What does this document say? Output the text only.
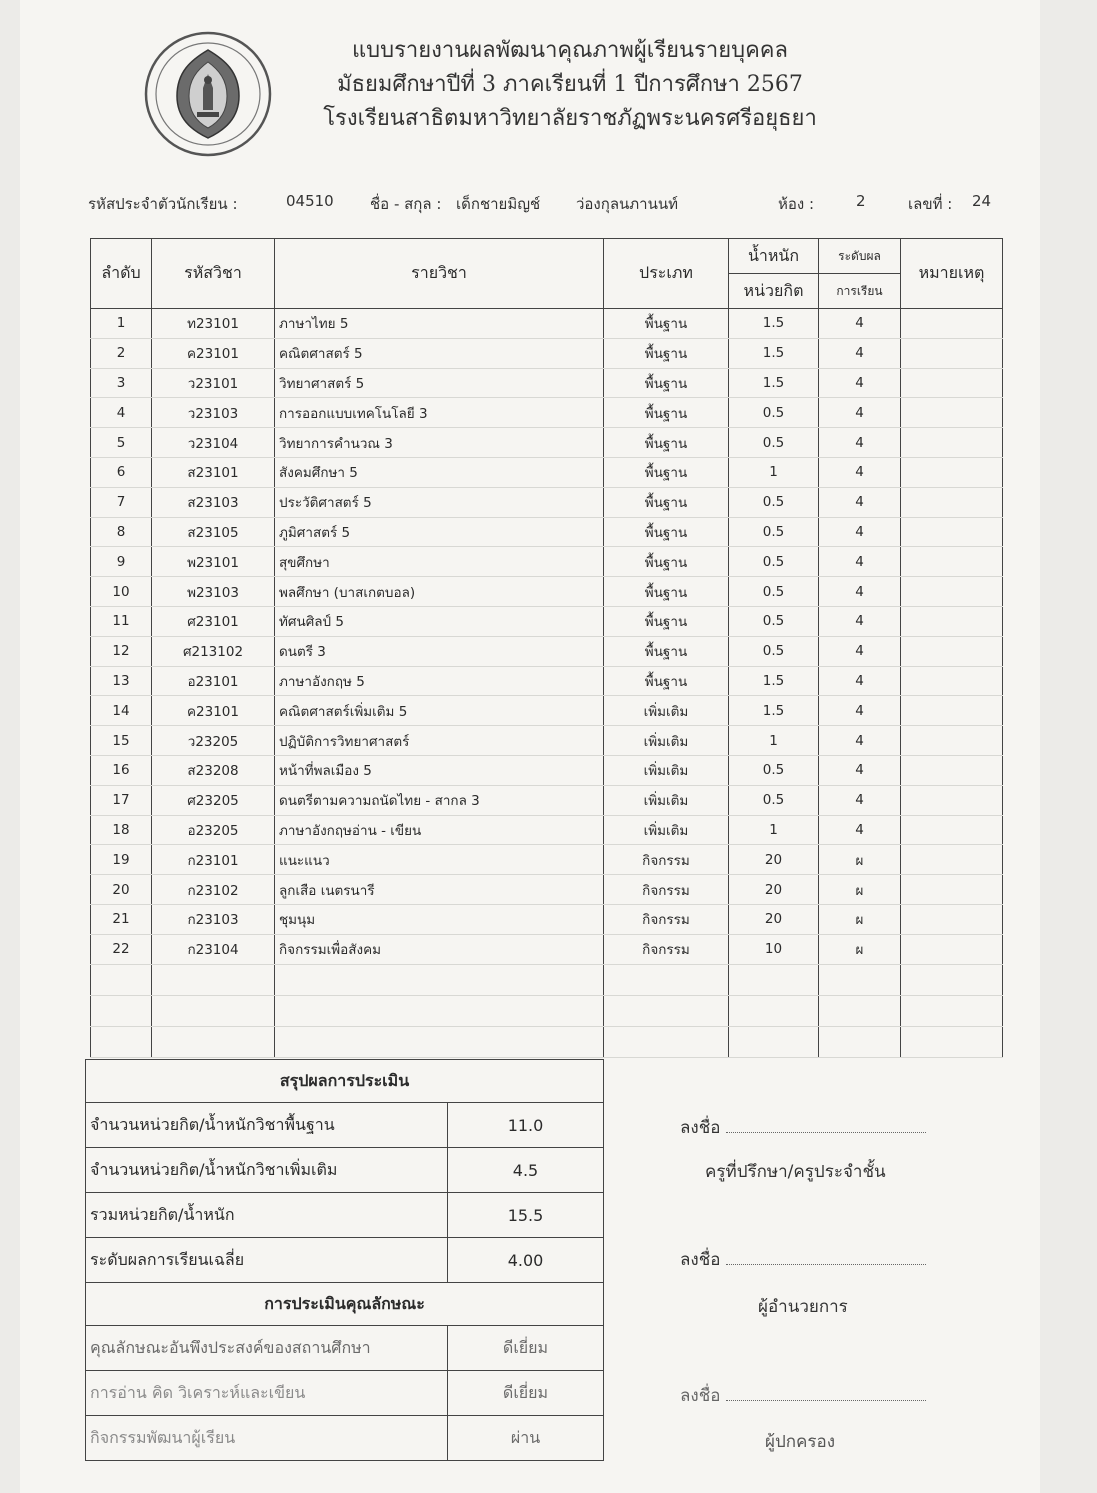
แบบรายงานผลพัฒนาคุณภาพผู้เรียนรายบุคคล
มัธยมศึกษาปีที่ 3 ภาคเรียนที่ 1 ปีการศึกษา 2567
โรงเรียนสาธิตมหาวิทยาลัยราชภัฏพระนครศรีอยุธยา
รหัสประจำตัวนักเรียน :	04510 ชื่อ - สกุล : เด็กชายมิญช์ ว่องกุลนภานนท์	ห้อง :	2	เลขที่ : 24
ลำดับ	รหัสวิชา	รายวิชา	ประเภท	น้ำหนัก	ระดับผล	หมายเหตุ
				หน่วยกิต	การเรียน	
1	ท23101	ภาษาไทย 5	พื้นฐาน	1.5	4	
2	ค23101	คณิตศาสตร์ 5	พื้นฐาน	1.5	4	
3	ว23101	วิทยาศาสตร์ 5	พื้นฐาน	1.5	4	
4	ว23103	การออกแบบเทคโนโลยี 3	พื้นฐาน	0.5	4	
5	ว23104	วิทยาการคำนวณ 3	พื้นฐาน	0.5	4	
6	ส23101	สังคมศึกษา 5	พื้นฐาน	1	4	
7	ส23103	ประวัติศาสตร์ 5	พื้นฐาน	0.5	4	
8	ส23105	ภูมิศาสตร์ 5	พื้นฐาน	0.5	4	
9	พ23101	สุขศึกษา	พื้นฐาน	0.5	4	
10	พ23103	พลศึกษา (บาสเกตบอล)	พื้นฐาน	0.5	4	
11	ศ23101	ทัศนศิลป์ 5	พื้นฐาน	0.5	4	
12	ศ213102	ดนตรี 3	พื้นฐาน	0.5	4	
13	อ23101	ภาษาอังกฤษ 5	พื้นฐาน	1.5	4	
14	ค23101	คณิตศาสตร์เพิ่มเติม 5	เพิ่มเติม	1.5	4	
15	ว23205	ปฏิบัติการวิทยาศาสตร์	เพิ่มเติม	1	4	
16	ส23208	หน้าที่พลเมือง 5	เพิ่มเติม	0.5	4	
17	ศ23205	ดนตรีตามความถนัดไทย - สากล 3	เพิ่มเติม	0.5	4	
18	อ23205	ภาษาอังกฤษอ่าน - เขียน	เพิ่มเติม	1	4	
19	ก23101	แนะแนว	กิจกรรม	20	ผ	
20	ก23102	ลูกเสือ เนตรนารี	กิจกรรม	20	ผ	
21	ก23103	ชุมนุม	กิจกรรม	20	ผ	
22	ก23104	กิจกรรมเพื่อสังคม	กิจกรรม	10	ผ	

สรุปผลการประเมิน	
จำนวนหน่วยกิต/น้ำหนักวิชาพื้นฐาน	11.0
จำนวนหน่วยกิต/น้ำหนักวิชาเพิ่มเติม	4.5
รวมหน่วยกิต/น้ำหนัก	15.5
ระดับผลการเรียนเฉลี่ย	4.00
การประเมินคุณลักษณะ	
คุณลักษณะอันพึงประสงค์ของสถานศึกษา	ดีเยี่ยม
การอ่าน คิด วิเคราะห์และเขียน	ดีเยี่ยม
กิจกรรมพัฒนาผู้เรียน	ผ่าน
ลงชื่อ
ครูที่ปรึกษา/ครูประจำชั้น
ลงชื่อ
ผู้อำนวยการ
ลงชื่อ
ผู้ปกครอง
